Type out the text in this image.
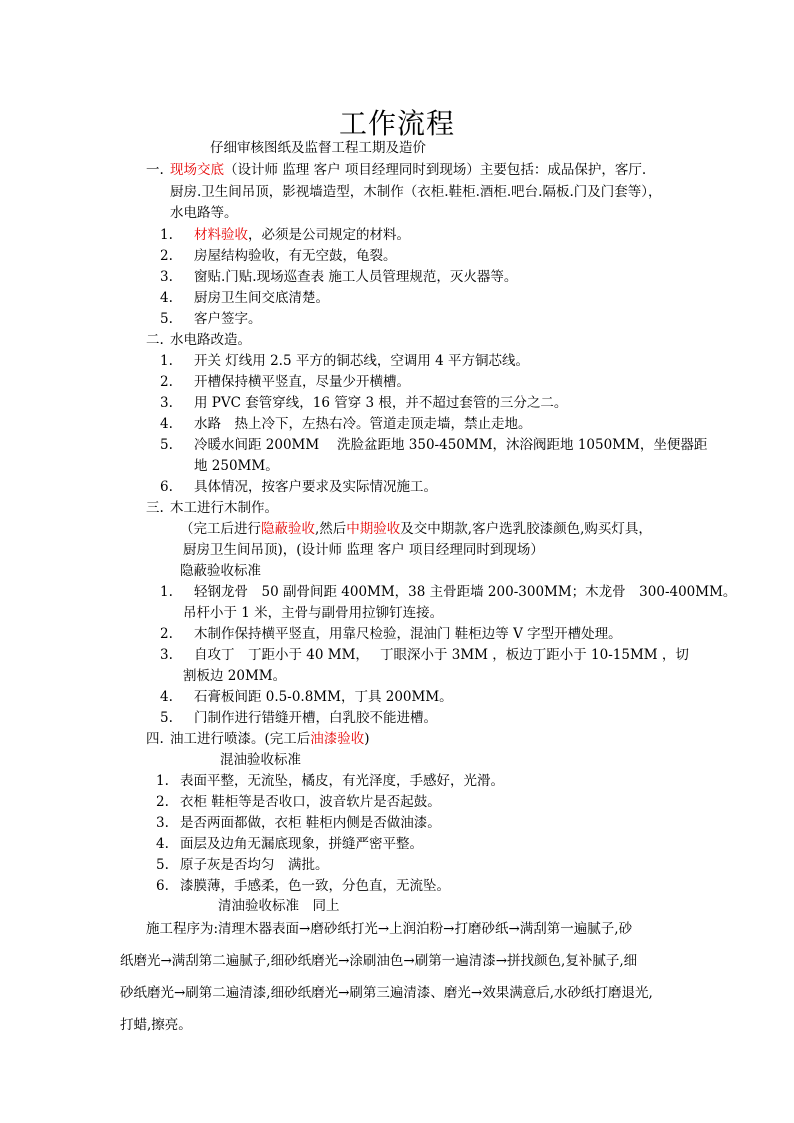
工作流程
仔细审核图纸及监督工程工期及造价
一. 现场交底（设计师 监理 客户 项目经理同时到现场）主要包括：成品保护，客厅.
厨房.卫生间吊顶，影视墙造型，木制作（衣柜.鞋柜.酒柜.吧台.隔板.门及门套等），
水电路等。
1. 材料验收，必须是公司规定的材料。
2. 房屋结构验收，有无空鼓，龟裂。
3. 窗贴.门贴.现场巡查表 施工人员管理规范，灭火器等。
4. 厨房卫生间交底清楚。
5. 客户签字。
二. 水电路改造。
1. 开关 灯线用 2.5 平方的铜芯线，空调用 4 平方铜芯线。
2. 开槽保持横平竖直，尽量少开横槽。
3. 用 PVC 套管穿线，16 管穿 3 根，并不超过套管的三分之二。
4. 水路　热上冷下，左热右冷。管道走顶走墙，禁止走地。
5. 冷暖水间距 200MM　 洗脸盆距地 350-450MM，沐浴阀距地 1050MM，坐便器距
地 250MM。
6. 具体情况，按客户要求及实际情况施工。
三. 木工进行木制作。
（完工后进行隐蔽验收,然后中期验收及交中期款,客户选乳胶漆颜色,购买灯具，
厨房卫生间吊顶)，(设计师 监理 客户 项目经理同时到现场）
隐蔽验收标准
1. 轻钢龙骨　50 副骨间距 400MM，38 主骨距墙 200-300MM；木龙骨　300-400MM。
吊杆小于 1 米，主骨与副骨用拉铆钉连接。
2. 木制作保持横平竖直，用靠尺检验，混油门 鞋柜边等 V 字型开槽处理。
3. 自攻丁　丁距小于 40 MM，　 丁眼深小于 3MM ，板边丁距小于 10-15MM ，切
割板边 20MM。
4. 石膏板间距 0.5-0.8MM，丁具 200MM。
5. 门制作进行错缝开槽，白乳胶不能进槽。
四. 油工进行喷漆。(完工后油漆验收)
混油验收标准
1. 表面平整，无流坠，橘皮，有光泽度，手感好，光滑。
2. 衣柜 鞋柜等是否收口，波音软片是否起鼓。
3. 是否两面都做，衣柜 鞋柜内侧是否做油漆。
4. 面层及边角无漏底现象，拼缝严密平整。
5. 原子灰是否均匀　满批。
6. 漆膜薄，手感柔，色一致，分色直，无流坠。
清油验收标准　同上
施工程序为:清理木器表面→磨砂纸打光→上润泊粉→打磨砂纸→满刮第一遍腻子,砂
纸磨光→满刮第二遍腻子,细砂纸磨光→涂刷油色→刷第一遍清漆→拼找颜色,复补腻子,细
砂纸磨光→刷第二遍清漆,细砂纸磨光→刷第三遍清漆、磨光→效果满意后,水砂纸打磨退光,
打蜡,擦亮。
